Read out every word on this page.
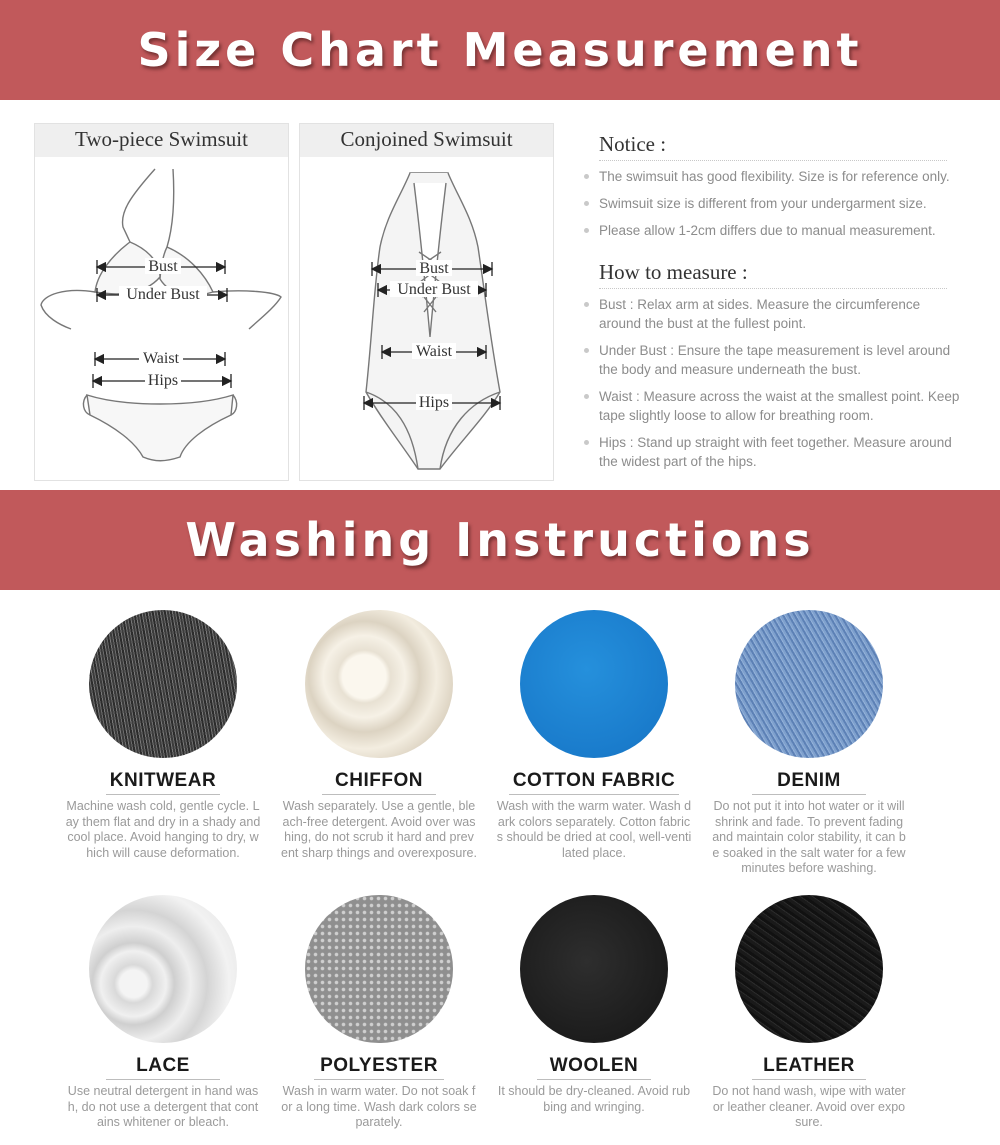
Size Chart Measurement
Two-piece Swimsuit
Bust
Under Bust
Waist
Hips
Conjoined Swimsuit
Bust
Under Bust
Waist
Hips
Notice :
The swimsuit has good flexibility. Size is for reference only.
Swimsuit size is different from your undergarment size.
Please allow 1-2cm differs due to manual measurement.
How to measure :
Bust : Relax arm at sides. Measure the circumference around the bust at the fullest point.
Under Bust : Ensure the tape measurement is level around the body and measure underneath the bust.
Waist : Measure across the waist at the smallest point. Keep tape slightly loose to allow for breathing room.
Hips : Stand up straight with feet together. Measure around the widest part of the hips.
Washing Instructions
KNITWEAR
Machine wash cold, gentle cycle. Lay them flat and dry in a shady and cool place. Avoid hanging to dry, which will cause deformation.
CHIFFON
Wash separately. Use a gentle, bleach-free detergent. Avoid over washing, do not scrub it hard and prevent sharp things and overexposure.
COTTON FABRIC
Wash with the warm water. Wash dark colors separately. Cotton fabrics should be dried at cool, well-ventilated place.
DENIM
Do not put it into hot water or it will shrink and fade. To prevent fading and maintain color stability, it can be soaked in the salt water for a few minutes before washing.
LACE
Use neutral detergent in hand wash, do not use a detergent that contains whitener or bleach.
POLYESTER
Wash in warm water. Do not soak for a long time. Wash dark colors separately.
WOOLEN
It should be dry-cleaned. Avoid rubbing and wringing.
LEATHER
Do not hand wash, wipe with water or leather cleaner. Avoid over exposure.
